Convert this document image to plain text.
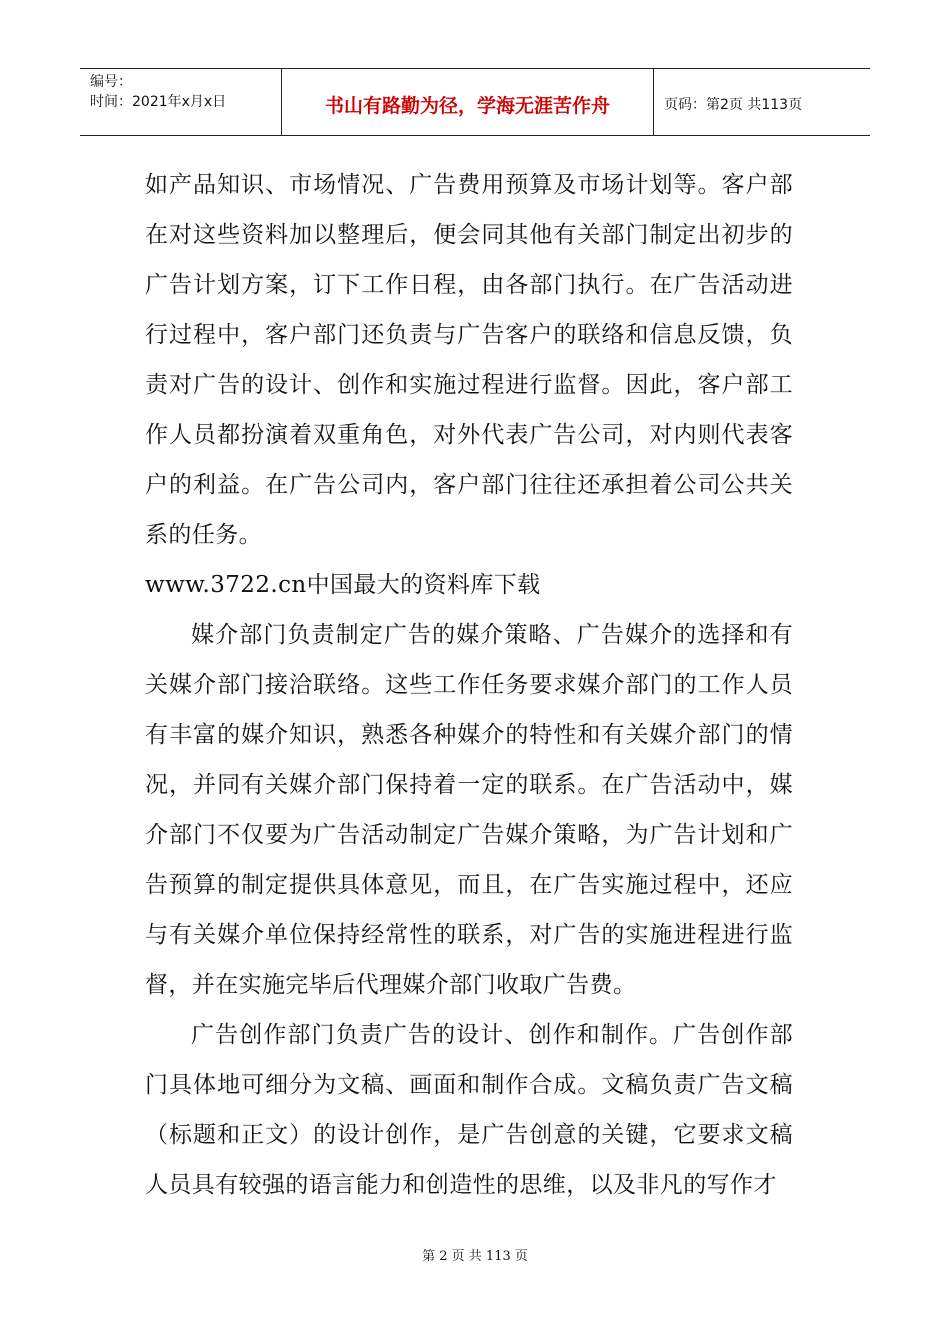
编号：
时间：2021年x月x日	书山有路勤为径，学海无涯苦作舟	页码：第2页 共113页

如产品知识、市场情况、广告费用预算及市场计划等。客户部在对这些资料加以整理后，便会同其他有关部门制定出初步的广告计划方案，订下工作日程，由各部门执行。在广告活动进行过程中，客户部门还负责与广告客户的联络和信息反馈，负责对广告的设计、创作和实施过程进行监督。因此，客户部工作人员都扮演着双重角色，对外代表广告公司，对内则代表客户的利益。在广告公司内，客户部门往往还承担着公司公共关系的任务。

www.3722.cn中国最大的资料库下载

媒介部门负责制定广告的媒介策略、广告媒介的选择和有关媒介部门接洽联络。这些工作任务要求媒介部门的工作人员有丰富的媒介知识，熟悉各种媒介的特性和有关媒介部门的情况，并同有关媒介部门保持着一定的联系。在广告活动中，媒介部门不仅要为广告活动制定广告媒介策略，为广告计划和广告预算的制定提供具体意见，而且，在广告实施过程中，还应与有关媒介单位保持经常性的联系，对广告的实施进程进行监督，并在实施完毕后代理媒介部门收取广告费。

广告创作部门负责广告的设计、创作和制作。广告创作部门具体地可细分为文稿、画面和制作合成。文稿负责广告文稿（标题和正文）的设计创作，是广告创意的关键，它要求文稿人员具有较强的语言能力和创造性的思维，以及非凡的写作才

第 2 页 共 113 页
